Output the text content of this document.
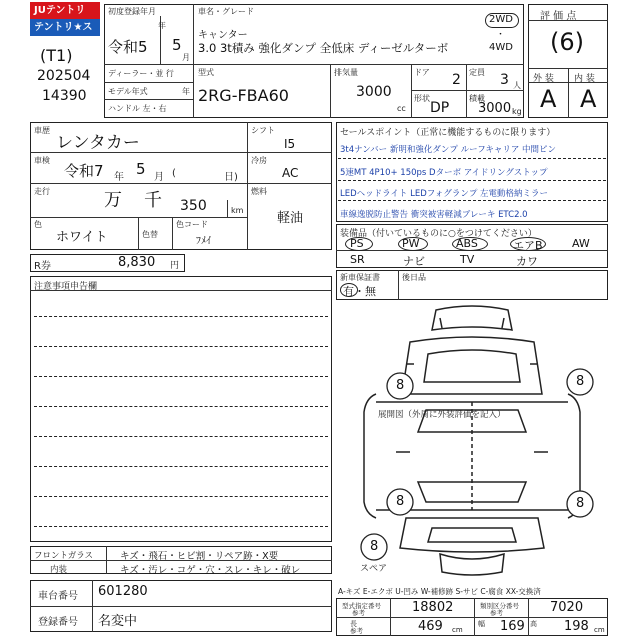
JUテントリ
テントリ★スター
(T1)
202504
14390
初度登録年月
令和5 5
年
月
車名・グレード
キャンター
3.0 3t積み 強化ダンプ 全低床 ディーゼルターボ
2WD
・
4WD
ディーラー・並 行
モデル年式	年
ハンドル 左・右
型式
2RG-FBA60
排気量
3000
cc
ドア 2 定員 3 人
形状
DP
積載
3000 kg
評 価 点
(6)
外 装 内 装
A A
車歴
レンタカー
車検
令和7 年 5 月 (	日)
走行	万 千 350	km
色
ホワイト	色替
色コード
ﾌﾒｲ
シフト
I5
冷房
AC
燃料
軽油
R券	8,830 円
セールスポイント（正常に機能するものに限ります）
3t4ナンバー 新明和強化ダンプ ルーフキャリア 中間ピン
5速MT 4P10+ 150ps Dターボ アイドリングストップ
LEDヘッドライト LEDフォグランプ 左電動格納ミラー
車線逸脱防止警告 衝突被害軽減ブレーキ ETC2.0
装備品（付いているものに○をつけてください）
PS	PW	ABS	エアB	AW
SR	ナビ	TV	カワ
新車保証書
有・無
後日品
注意事項申告欄
展開図（外周に外装評価を記入）
8	8
8	8
8
スペア
フロントガラス	キズ・飛石・ヒビ割・リペア跡・X要
内装	キズ・汚レ・コゲ・穴・スレ・キレ・破レ
車台番号 601280
登録番号 名変中
A-キズ E-エクボ U-凹み W-補修跡 S-サビ C-腐食 XX-交換済
型式指定番号
参考	18802	類別区分番号
参考	7020
長
参考	469 cm
幅 169 高 198 cm
